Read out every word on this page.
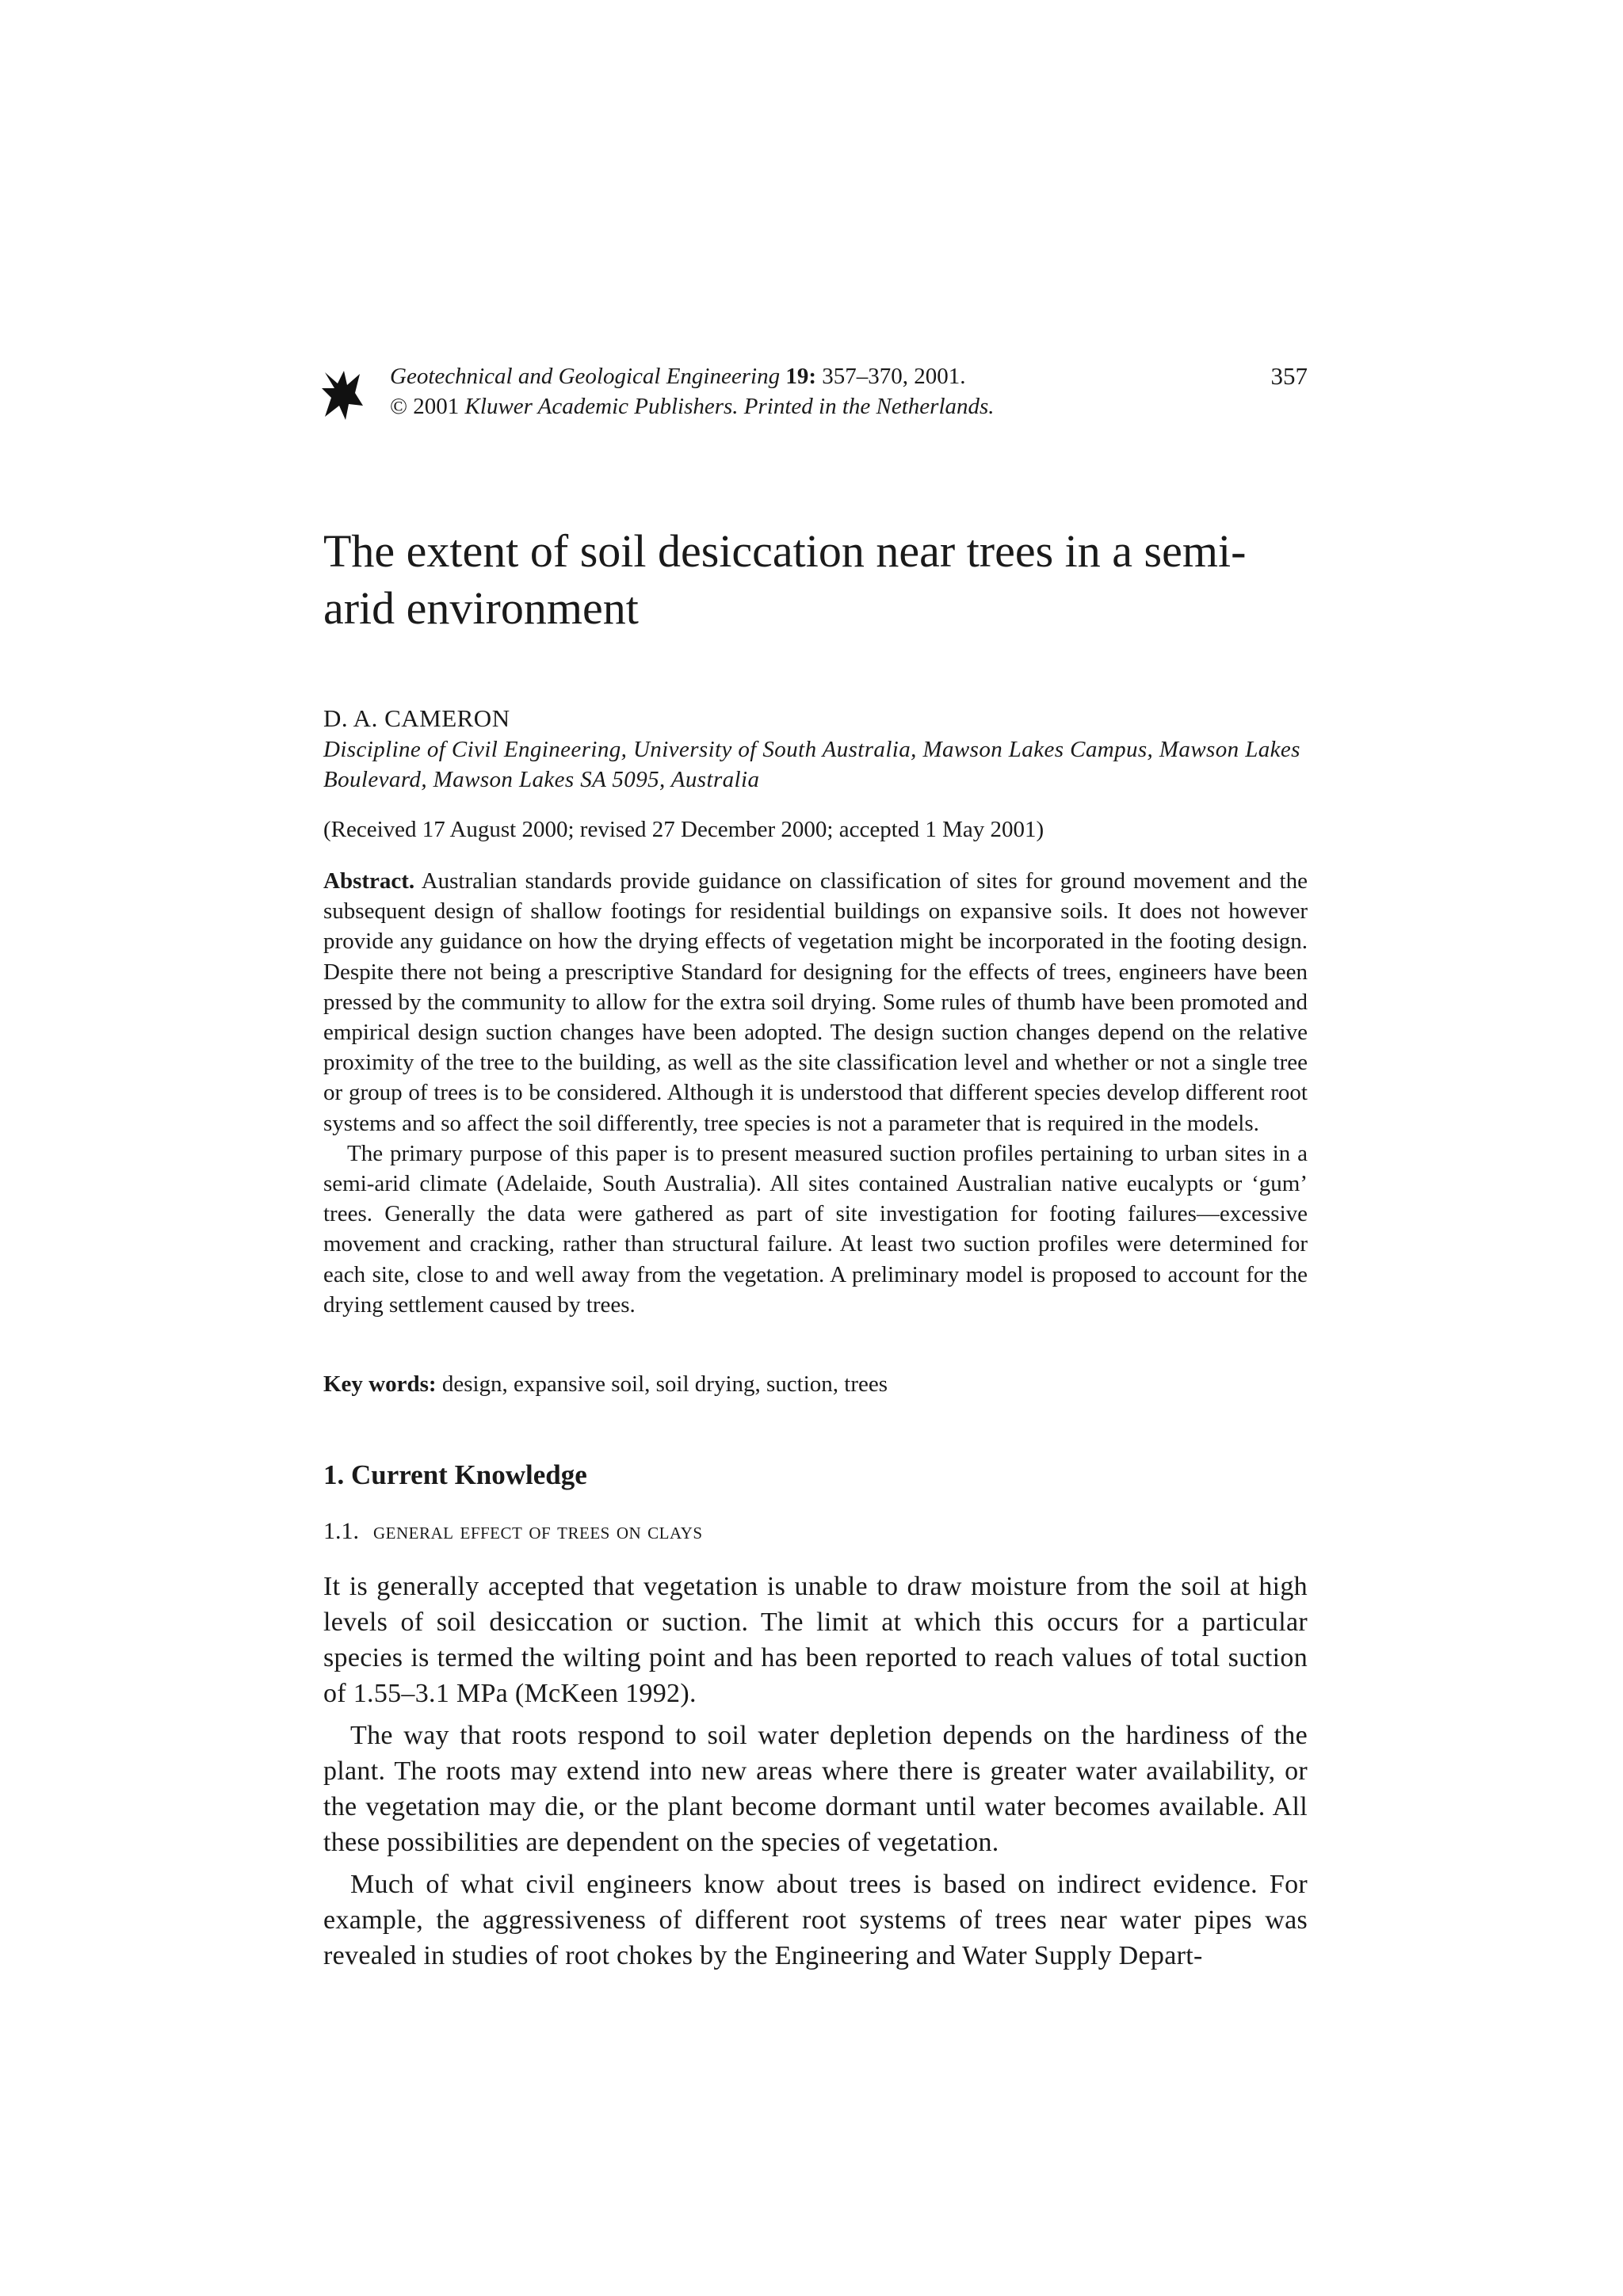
Geotechnical and Geological Engineering 19: 357–370, 2001.
© 2001 Kluwer Academic Publishers. Printed in the Netherlands.
357
The extent of soil desiccation near trees in a semi-arid environment
D. A. CAMERON
Discipline of Civil Engineering, University of South Australia, Mawson Lakes Campus, Mawson Lakes Boulevard, Mawson Lakes SA 5095, Australia
(Received 17 August 2000; revised 27 December 2000; accepted 1 May 2001)

Abstract. Australian standards provide guidance on classification of sites for ground movement and the subsequent design of shallow footings for residential buildings on expansive soils. It does not however provide any guidance on how the drying effects of vegetation might be incorporated in the footing design. Despite there not being a prescriptive Standard for designing for the effects of trees, engineers have been pressed by the community to allow for the extra soil drying. Some rules of thumb have been promoted and empirical design suction changes have been adopted. The design suction changes depend on the relative proximity of the tree to the building, as well as the site classification level and whether or not a single tree or group of trees is to be considered. Although it is understood that different species develop different root systems and so affect the soil differently, tree species is not a parameter that is required in the models.

The primary purpose of this paper is to present measured suction profiles pertaining to urban sites in a semi-arid climate (Adelaide, South Australia). All sites contained Australian native eucalypts or ‘gum’ trees. Generally the data were gathered as part of site investigation for footing failures—excessive movement and cracking, rather than structural failure. At least two suction profiles were determined for each site, close to and well away from the vegetation. A preliminary model is proposed to account for the drying settlement caused by trees.

Key words: design, expansive soil, soil drying, suction, trees
1. Current Knowledge
1.1. general effect of trees on clays

It is generally accepted that vegetation is unable to draw moisture from the soil at high levels of soil desiccation or suction. The limit at which this occurs for a particular species is termed the wilting point and has been reported to reach values of total suction of 1.55–3.1 MPa (McKeen 1992).

The way that roots respond to soil water depletion depends on the hardiness of the plant. The roots may extend into new areas where there is greater water availability, or the vegetation may die, or the plant become dormant until water becomes available. All these possibilities are dependent on the species of vegetation.

Much of what civil engineers know about trees is based on indirect evidence. For example, the aggressiveness of different root systems of trees near water pipes was revealed in studies of root chokes by the Engineering and Water Supply Depart-
